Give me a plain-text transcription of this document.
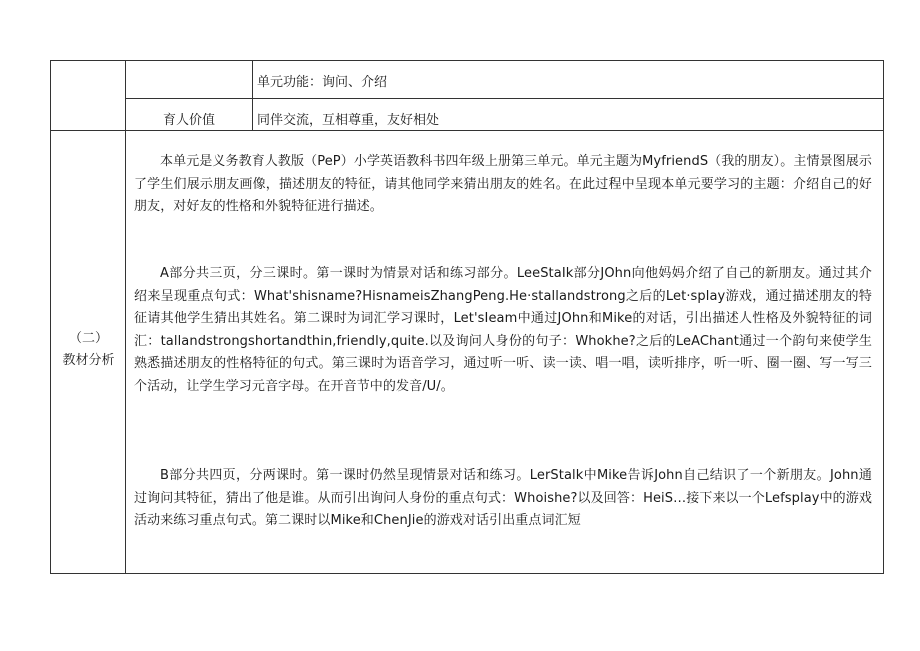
单元功能：询问、介绍
育人价值	同伴交流，互相尊重，友好相处
（二）
教材分析
本单元是义务教育人教版（PeP）小学英语教科书四年级上册第三单元。单元主题为MyfriendS（我的朋友）。主情景图展示了学生们展示朋友画像，描述朋友的特征，请其他同学来猜出朋友的姓名。在此过程中呈现本单元要学习的主题：介绍自己的好朋友，对好友的性格和外貌特征进行描述。
A部分共三页，分三课时。第一课时为情景对话和练习部分。LeeStaIk部分JOhn向他妈妈介绍了自己的新朋友。通过其介绍来呈现重点句式：What'shisname?HisnameisZhangPeng.He·stallandstrong之后的Let·splay游戏，通过描述朋友的特征请其他学生猜出其姓名。第二课时为词汇学习课时，Let'sIeam中通过JOhn和Mike的对话，引出描述人性格及外貌特征的词汇：tallandstrongshortandthin,friendly,quite.以及询问人身份的句子：Whokhe?之后的LeAChant通过一个韵句来使学生熟悉描述朋友的性格特征的句式。第三课时为语音学习，通过听一听、读一读、唱一唱，读听排序，听一听、圈一圈、写一写三个活动，让学生学习元音字母。在开音节中的发音/U/。
B部分共四页，分两课时。第一课时仍然呈现情景对话和练习。LerStalk中Mike告诉John自己结识了一个新朋友。John通过询问其特征，猜出了他是谁。从而引出询问人身份的重点句式：Whoishe?以及回答：HeiS…接下来以一个Lefsplay中的游戏活动来练习重点句式。第二课时以Mike和ChenJie的游戏对话引出重点词汇短
